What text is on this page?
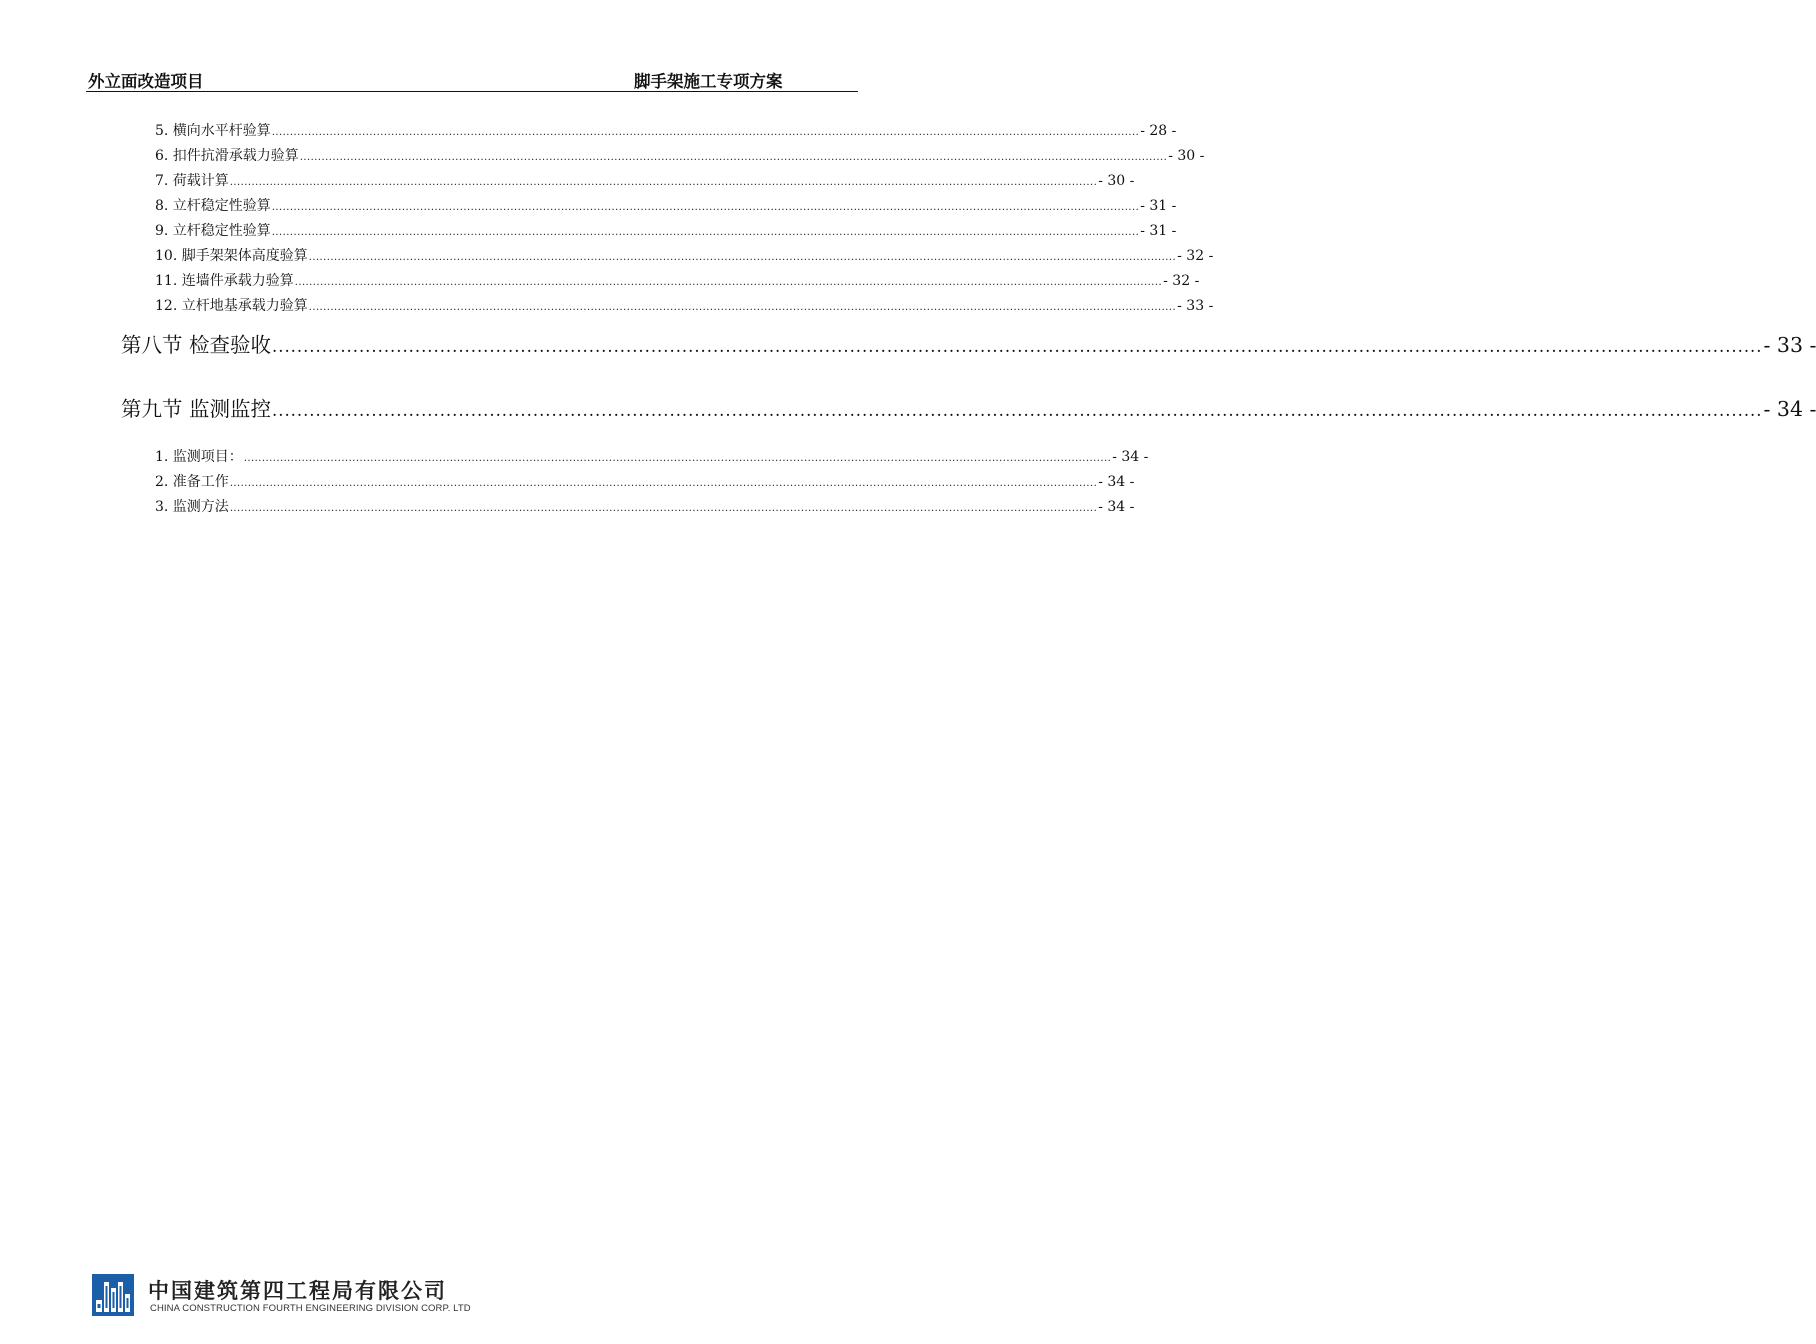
外立面改造项目	脚手架施工专项方案
5. 横向水平杆验算 ................................................................................................................................................................................................................................................ - 28 -
6. 扣件抗滑承载力验算 ................................................................................................................................................................................................................................................ - 30 -
7. 荷载计算 ................................................................................................................................................................................................................................................ - 30 -
8. 立杆稳定性验算 ................................................................................................................................................................................................................................................ - 31 -
9. 立杆稳定性验算 ................................................................................................................................................................................................................................................ - 31 -
10. 脚手架架体高度验算 ................................................................................................................................................................................................................................................ - 32 -
11. 连墙件承载力验算 ................................................................................................................................................................................................................................................ - 32 -
12. 立杆地基承载力验算 ................................................................................................................................................................................................................................................ - 33 -
第八节 检查验收 ................................................................................................................................................................................................................................................ - 33 -
第九节 监测监控 ................................................................................................................................................................................................................................................ - 34 -
1. 监测项目： ................................................................................................................................................................................................................................................ - 34 -
2. 准备工作 ................................................................................................................................................................................................................................................ - 34 -
3. 监测方法 ................................................................................................................................................................................................................................................ - 34 -
中国建筑第四工程局有限公司
CHINA CONSTRUCTION FOURTH ENGINEERING DIVISION CORP. LTD
